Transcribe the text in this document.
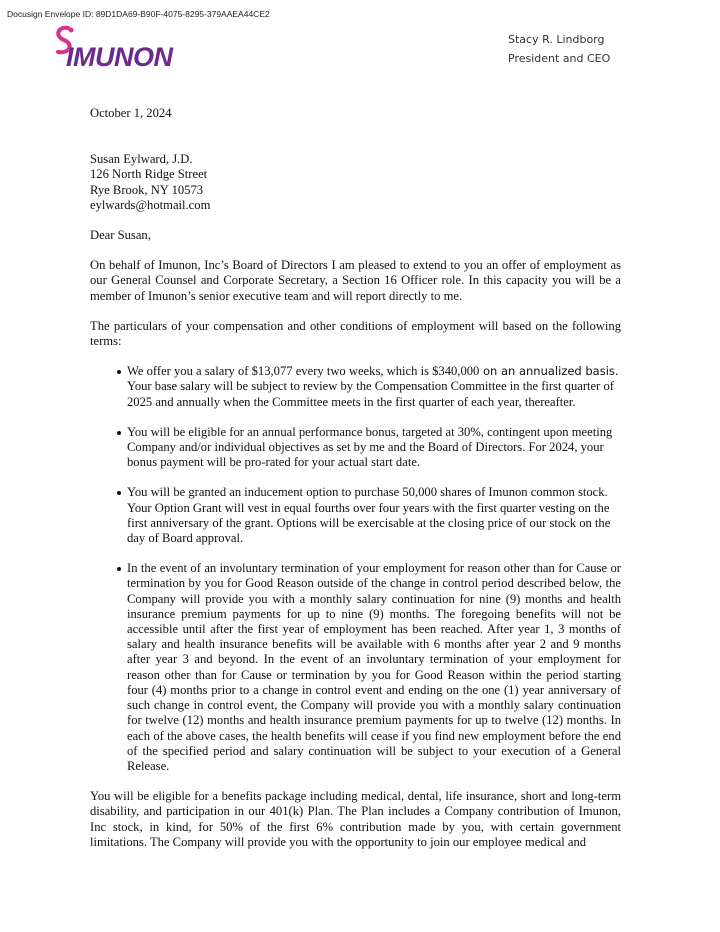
Docusign Envelope ID: 89D1DA69-B90F-4075-8295-379AAEA44CE2
IMUNON
Stacy R. Lindborg
President and CEO

October 1, 2024

Susan Eylward, J.D.
126 North Ridge Street
Rye Brook, NY 10573
eylwards@hotmail.com

Dear Susan,

On behalf of Imunon, Inc’s Board of Directors I am pleased to extend to you an offer of employment as our General Counsel and Corporate Secretary, a Section 16 Officer role. In this capacity you will be a member of Imunon’s senior executive team and will report directly to me.

The particulars of your compensation and other conditions of employment will based on the following terms:

We offer you a salary of $13,077 every two weeks, which is $340,000 on an annualized basis. Your base salary will be subject to review by the Compensation Committee in the first quarter of 2025 and annually when the Committee meets in the first quarter of each year, thereafter.
You will be eligible for an annual performance bonus, targeted at 30%, contingent upon meeting Company and/or individual objectives as set by me and the Board of Directors. For 2024, your bonus payment will be pro-rated for your actual start date.
You will be granted an inducement option to purchase 50,000 shares of Imunon common stock. Your Option Grant will vest in equal fourths over four years with the first quarter vesting on the first anniversary of the grant. Options will be exercisable at the closing price of our stock on the day of Board approval.
In the event of an involuntary termination of your employment for reason other than for Cause or termination by you for Good Reason outside of the change in control period described below, the Company will provide you with a monthly salary continuation for nine (9) months and health insurance premium payments for up to nine (9) months. The foregoing benefits will not be accessible until after the first year of employment has been reached. After year 1, 3 months of salary and health insurance benefits will be available with 6 months after year 2 and 9 months after year 3 and beyond. In the event of an involuntary termination of your employment for reason other than for Cause or termination by you for Good Reason within the period starting four (4) months prior to a change in control event and ending on the one (1) year anniversary of such change in control event, the Company will provide you with a monthly salary continuation for twelve (12) months and health insurance premium payments for up to twelve (12) months. In each of the above cases, the health benefits will cease if you find new employment before the end of the specified period and salary continuation will be subject to your execution of a General Release.

You will be eligible for a benefits package including medical, dental, life insurance, short and long-term disability, and participation in our 401(k) Plan. The Plan includes a Company contribution of Imunon, Inc stock, in kind, for 50% of the first 6% contribution made by you, with certain government limitations. The Company will provide you with the opportunity to join our employee medical and
